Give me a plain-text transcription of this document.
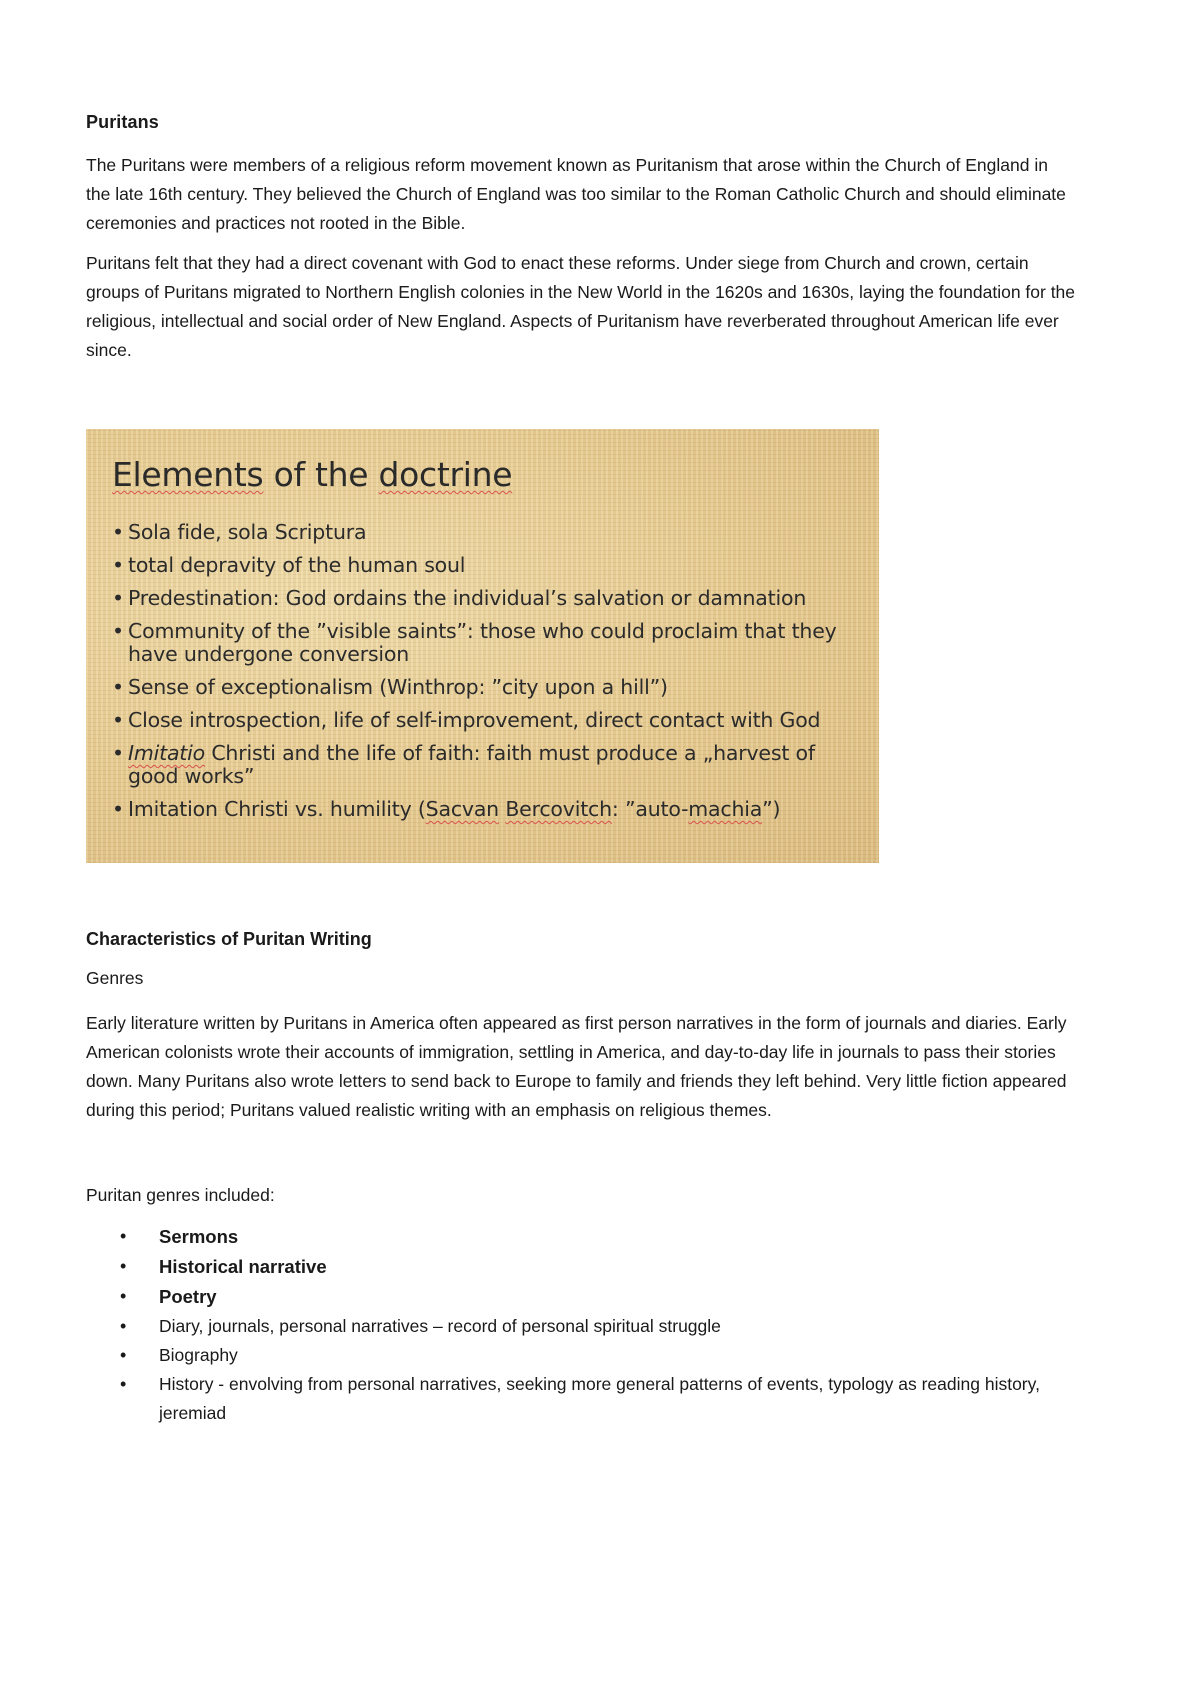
Puritans

The Puritans were members of a religious reform movement known as Puritanism that arose within the Church of England in the late 16th century. They believed the Church of England was too similar to the Roman Catholic Church and should eliminate ceremonies and practices not rooted in the Bible.

Puritans felt that they had a direct covenant with God to enact these reforms. Under siege from Church and crown, certain groups of Puritans migrated to Northern English colonies in the New World in the 1620s and 1630s, laying the foundation for the religious, intellectual and social order of New England. Aspects of Puritanism have reverberated throughout American life ever since.

Elements of the doctrine
• Sola fide, sola Scriptura
• total depravity of the human soul
• Predestination: God ordains the individual’s salvation or damnation
• Community of the ”visible saints”: those who could proclaim that they have undergone conversion
• Sense of exceptionalism (Winthrop: ”city upon a hill”)
• Close introspection, life of self-improvement, direct contact with God
• Imitatio Christi and the life of faith: faith must produce a „harvest of good works”
• Imitation Christi vs. humility (Sacvan Bercovitch: ”auto-machia”)
Characteristics of Puritan Writing
Genres

Early literature written by Puritans in America often appeared as first person narratives in the form of journals and diaries. Early American colonists wrote their accounts of immigration, settling in America, and day-to-day life in journals to pass their stories down. Many Puritans also wrote letters to send back to Europe to family and friends they left behind. Very little fiction appeared during this period; Puritans valued realistic writing with an emphasis on religious themes.

Puritan genres included:
• Sermons
• Historical narrative
• Poetry
• Diary, journals, personal narratives – record of personal spiritual struggle
• Biography
• History - envolving from personal narratives, seeking more general patterns of events, typology as reading history, jeremiad
